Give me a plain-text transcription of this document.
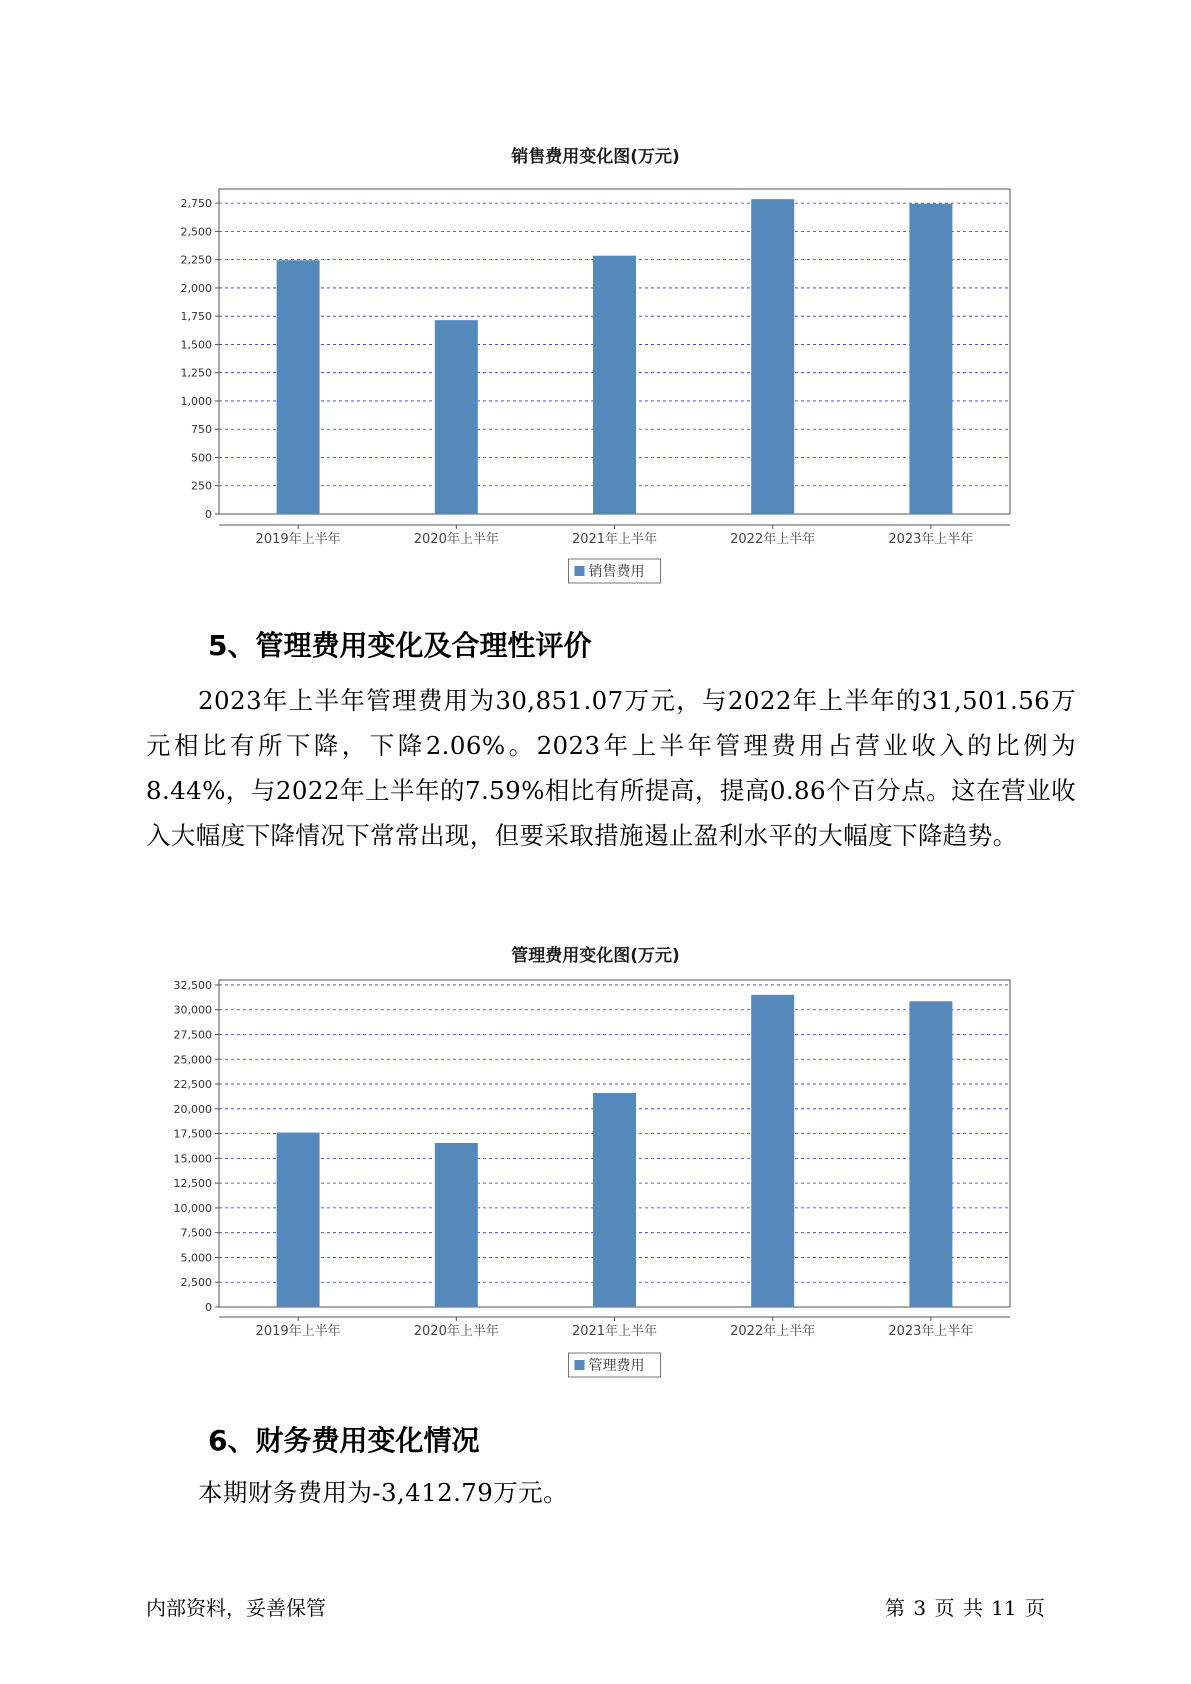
销售费用变化图(万元)
0
250
500
750
1,000
1,250
1,500
1,750
2,000
2,250
2,500
2,750
2019年上半年	2020年上半年	2021年上半年	2022年上半年	2023年上半年
销售费用
5、管理费用变化及合理性评价
2023年上半年管理费用为30,851.07万元，与2022年上半年的31,501.56万元相比有所下降，下降2.06%。2023年上半年管理费用占营业收入的比例为8.44%，与2022年上半年的7.59%相比有所提高，提高0.86个百分点。这在营业收入大幅度下降情况下常常出现，但要采取措施遏止盈利水平的大幅度下降趋势。
管理费用变化图(万元)
0
2,500
5,000
7,500
10,000
12,500
15,000
17,500
20,000
22,500
25,000
27,500
30,000
32,500
2019年上半年	2020年上半年	2021年上半年	2022年上半年	2023年上半年
管理费用
6、财务费用变化情况
本期财务费用为-3,412.79万元。
内部资料，妥善保管	第 3 页 共 11 页
